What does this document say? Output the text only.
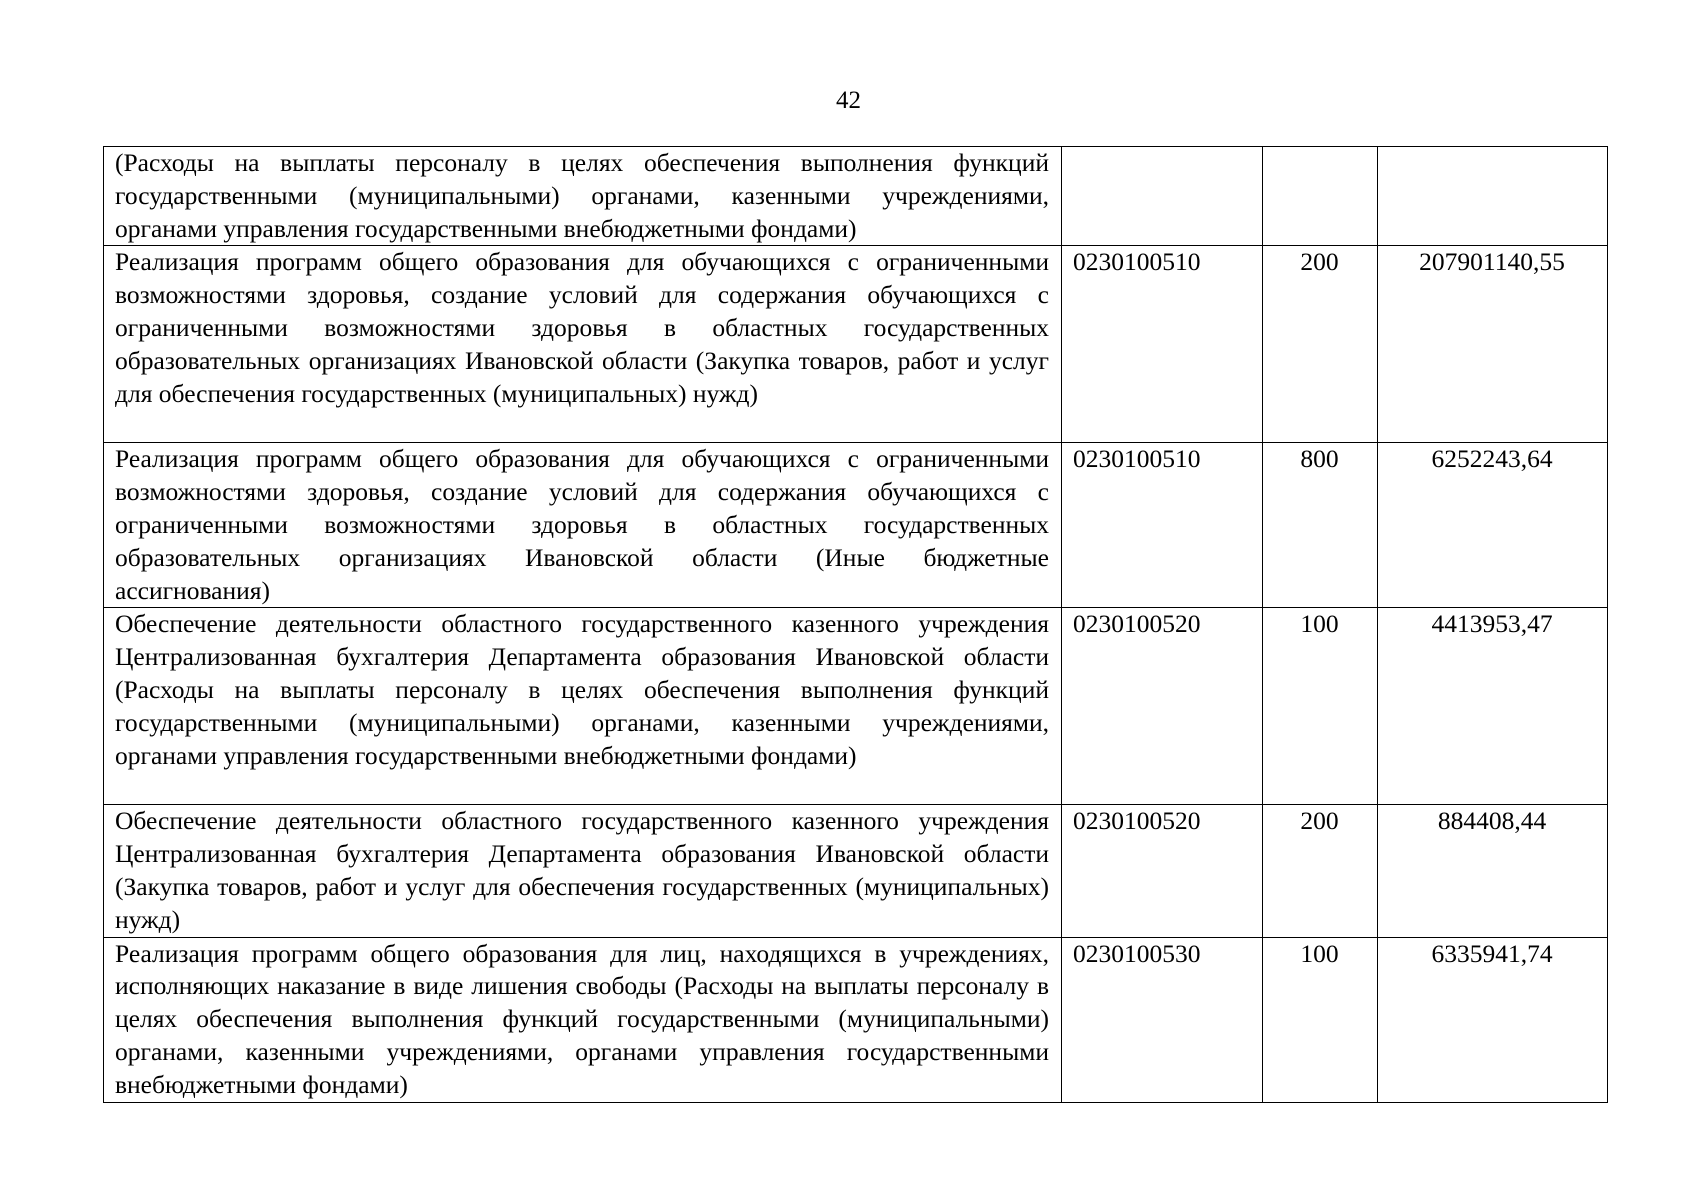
42
(Расходы на выплаты персоналу в целях обеспечения выполнения функций государственными (муниципальными) органами, казенными учреждениями, органами управления государственными внебюджетными фондами)			
Реализация программ общего образования для обучающихся с ограниченными возможностями здоровья, создание условий для содержания обучающихся с ограниченными возможностями здоровья в областных государственных образовательных организациях Ивановской области (Закупка товаров, работ и услуг для обеспечения государственных (муниципальных) нужд)	0230100510	200	207901140,55
Реализация программ общего образования для обучающихся с ограниченными возможностями здоровья, создание условий для содержания обучающихся с ограниченными возможностями здоровья в областных государственных образовательных организациях Ивановской области (Иные бюджетные ассигнования)	0230100510	800	6252243,64
Обеспечение деятельности областного государственного казенного учреждения Централизованная бухгалтерия Департамента образования Ивановской области (Расходы на выплаты персоналу в целях обеспечения выполнения функций государственными (муниципальными) органами, казенными учреждениями, органами управления государственными внебюджетными фондами)	0230100520	100	4413953,47
Обеспечение деятельности областного государственного казенного учреждения Централизованная бухгалтерия Департамента образования Ивановской области (Закупка товаров, работ и услуг для обеспечения государственных (муниципальных) нужд)	0230100520	200	884408,44
Реализация программ общего образования для лиц, находящихся в учреждениях, исполняющих наказание в виде лишения свободы (Расходы на выплаты персоналу в целях обеспечения выполнения функций государственными (муниципальными) органами, казенными учреждениями, органами управления государственными внебюджетными фондами)	0230100530	100	6335941,74
